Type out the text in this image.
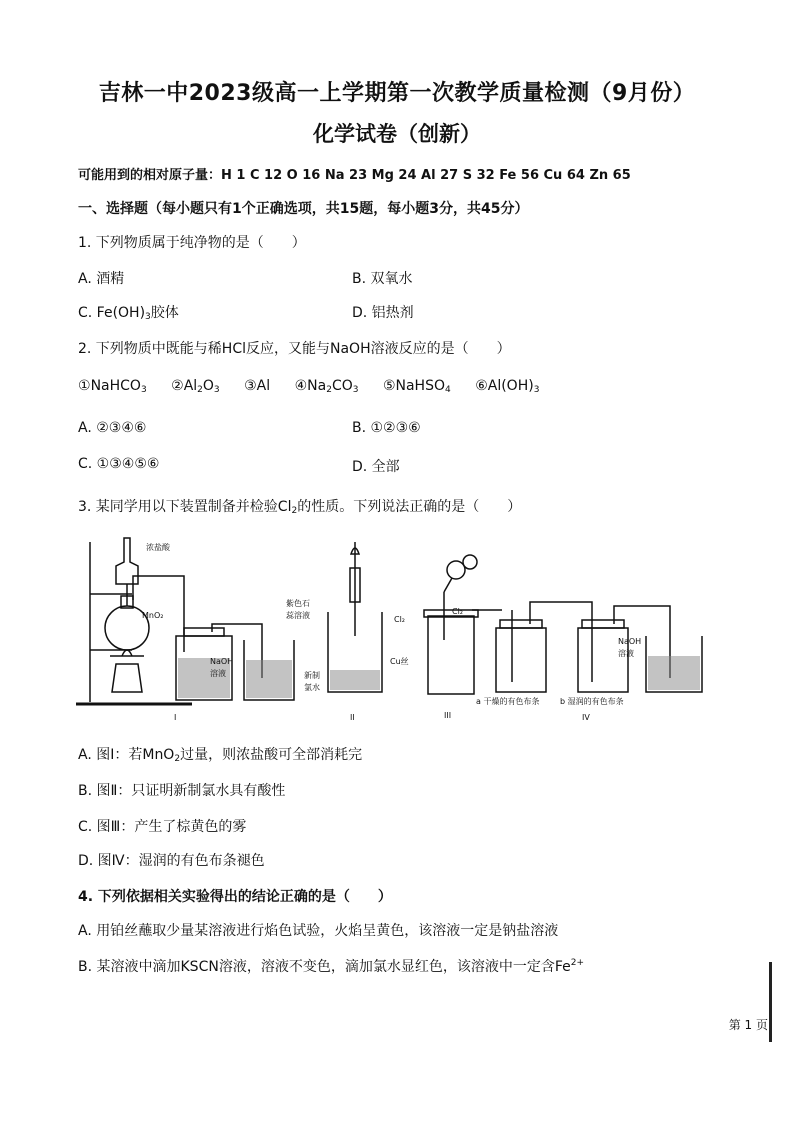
吉林一中2023级高一上学期第一次教学质量检测（9月份）
化学试卷（创新）
可能用到的相对原子量：H 1 C 12 O 16 Na 23 Mg 24 Al 27 S 32 Fe 56 Cu 64 Zn 65
一、选择题（每小题只有1个正确选项，共15题，每小题3分，共45分）
1. 下列物质属于纯净物的是（　　）
A. 酒精	B. 双氧水
C. $Fe(OH)_3$胶体	D. 铝热剂
2. 下列物质中既能与稀HCl反应，又能与NaOH溶液反应的是（　　）
①NaHCO$_3$ $②Al_2O_3$ ③Al $④Na_2CO_3$ ⑤NaHSO$_4$ $⑥Al(OH)_3$
A. ②③④⑥	B. ①②③⑥
C. ①③④⑤⑥	D. 全部
3. 某同学用以下装置制备并检验$Cl_2$的性质。下列说法正确的是（　　）
浓盐酸
MnO₂
NaOH
溶液
I
紫色石
蕊溶液
新制
氯水
II
Cl₂
Cu丝
III
Cl₂
a 干燥的有色布条	b 湿润的有色布条
NaOH
溶液
IV
A. 图Ⅰ：若MnO$_2$过量，则浓盐酸可全部消耗完
B. 图Ⅱ：只证明新制氯水具有酸性
C. 图Ⅲ：产生了棕黄色的雾
D. 图Ⅳ：湿润的有色布条褪色
4. 下列依据相关实验得出的结论正确的是（　　）
A. 用铂丝蘸取少量某溶液进行焰色试验，火焰呈黄色，该溶液一定是钠盐溶液
B. 某溶液中滴加KSCN溶液，溶液不变色，滴加氯水显红色，该溶液中一定含$Fe^{2+}$
第 1 页
